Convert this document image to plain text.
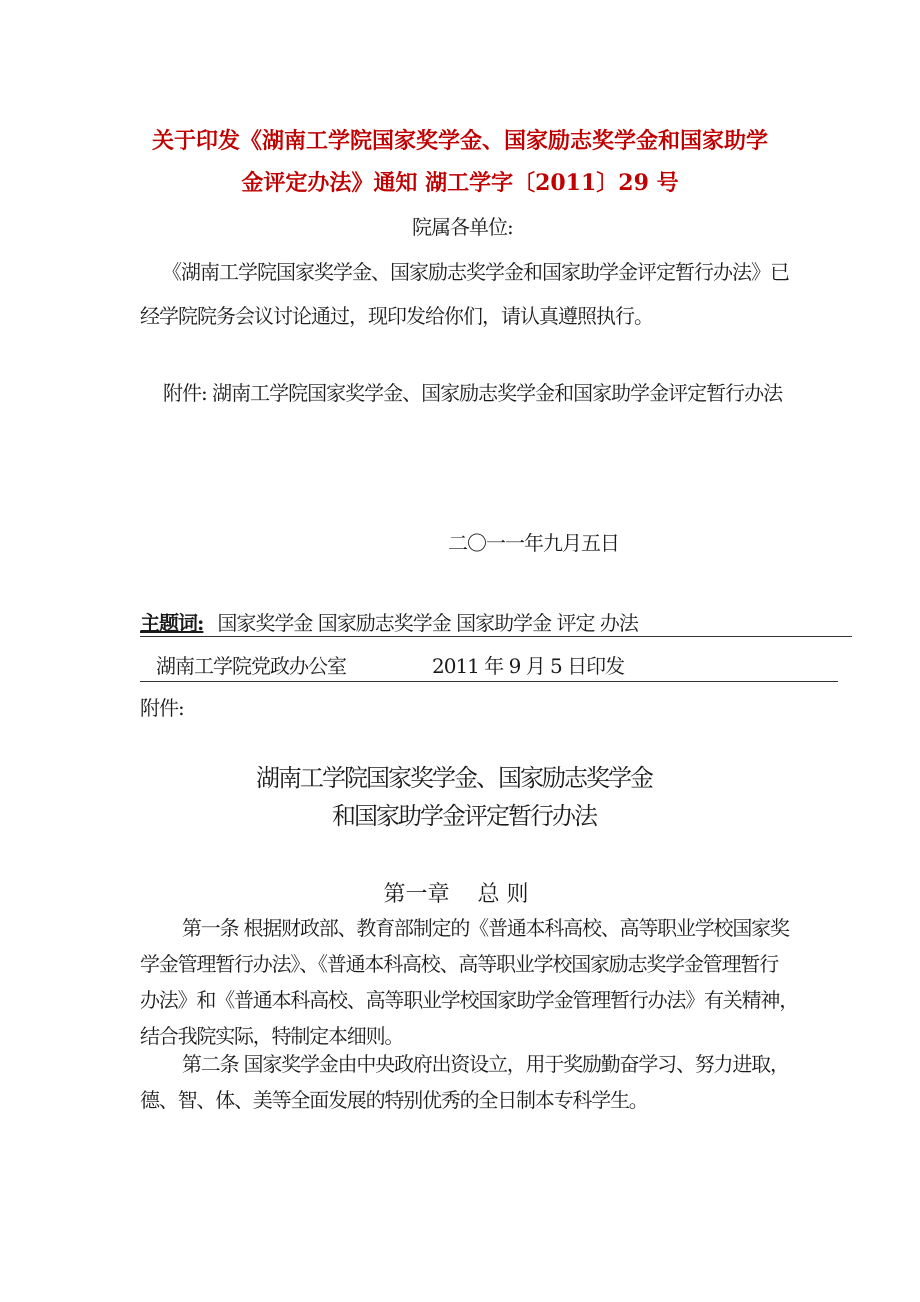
关于印发《湖南工学院国家奖学金、国家励志奖学金和国家助学
金评定办法》通知 湖工学字〔2011〕29 号
院属各单位:
《湖南工学院国家奖学金、国家励志奖学金和国家助学金评定暂行办法》已
经学院院务会议讨论通过，现印发给你们，请认真遵照执行。
附件: 湖南工学院国家奖学金、国家励志奖学金和国家助学金评定暂行办法
二〇一一年九月五日
主题词: 国家奖学金 国家励志奖学金 国家助学金 评定 办法
湖南工学院党政办公室	2011 年 9 月 5 日印发
附件:
湖南工学院国家奖学金、国家励志奖学金
和国家助学金评定暂行办法
第一章 总 则
第一条 根据财政部、教育部制定的《普通本科高校、高等职业学校国家奖
学金管理暂行办法》、《普通本科高校、高等职业学校国家励志奖学金管理暂行
办法》和《普通本科高校、高等职业学校国家助学金管理暂行办法》有关精神，
结合我院实际，特制定本细则。
第二条 国家奖学金由中央政府出资设立，用于奖励勤奋学习、努力进取，
德、智、体、美等全面发展的特别优秀的全日制本专科学生。
